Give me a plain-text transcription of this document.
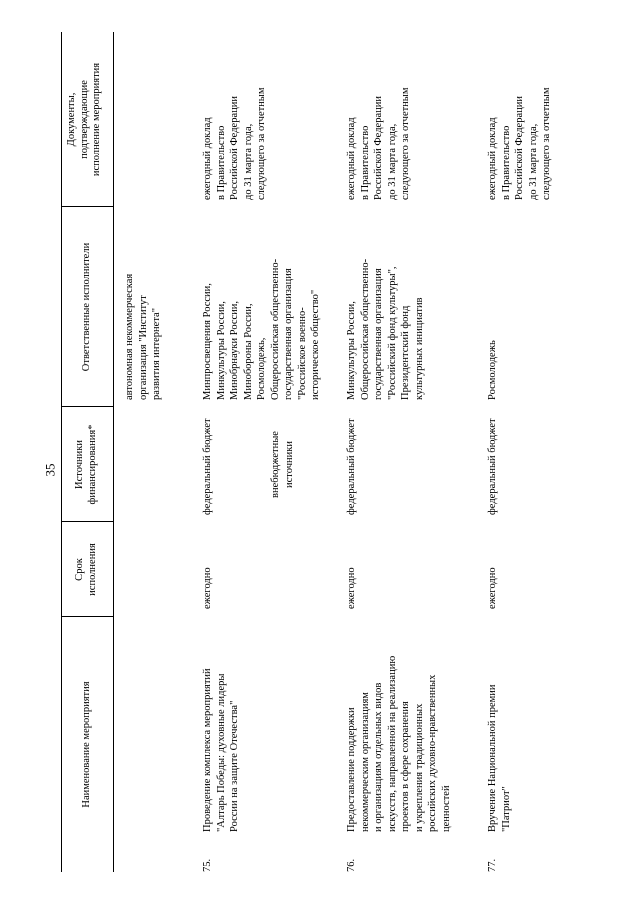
35
Наименование мероприятия
Срок
исполнения
Источники
финансирования*
Ответственные исполнители
Документы,
подтверждающие
исполнение мероприятия
автономная некоммерческая
организация "Институт
развития интернета"
75.
Проведение комплекса мероприятий
"Алтарь Победы: духовные лидеры
России на защите Отечества"
ежегодно
федеральный бюджет	внебюджетные
источники
Минпросвещения России,
Минкультуры России,
Минобрнауки России,
Минобороны России,
Росмолодежь,
Общероссийская общественно-
государственная организация
"Российское военно-
историческое общество"
ежегодный доклад
в Правительство
Российской Федерации
до 31 марта года,
следующего за отчетным
76.
Предоставление поддержки
некоммерческим организациям
и организациям отдельных видов
искусств, направленной на реализацию
проектов в сфере сохранения
и укрепления традиционных
российских духовно-нравственных
ценностей
ежегодно
федеральный бюджет
Минкультуры России,
Общероссийская общественно-
государственная организация
"Российский фонд культуры",
Президентский фонд
культурных инициатив
ежегодный доклад
в Правительство
Российской Федерации
до 31 марта года,
следующего за отчетным
77.
Вручение Национальной премии
"Патриот"
ежегодно
федеральный бюджет
Росмолодежь
ежегодный доклад
в Правительство
Российской Федерации
до 31 марта года,
следующего за отчетным
